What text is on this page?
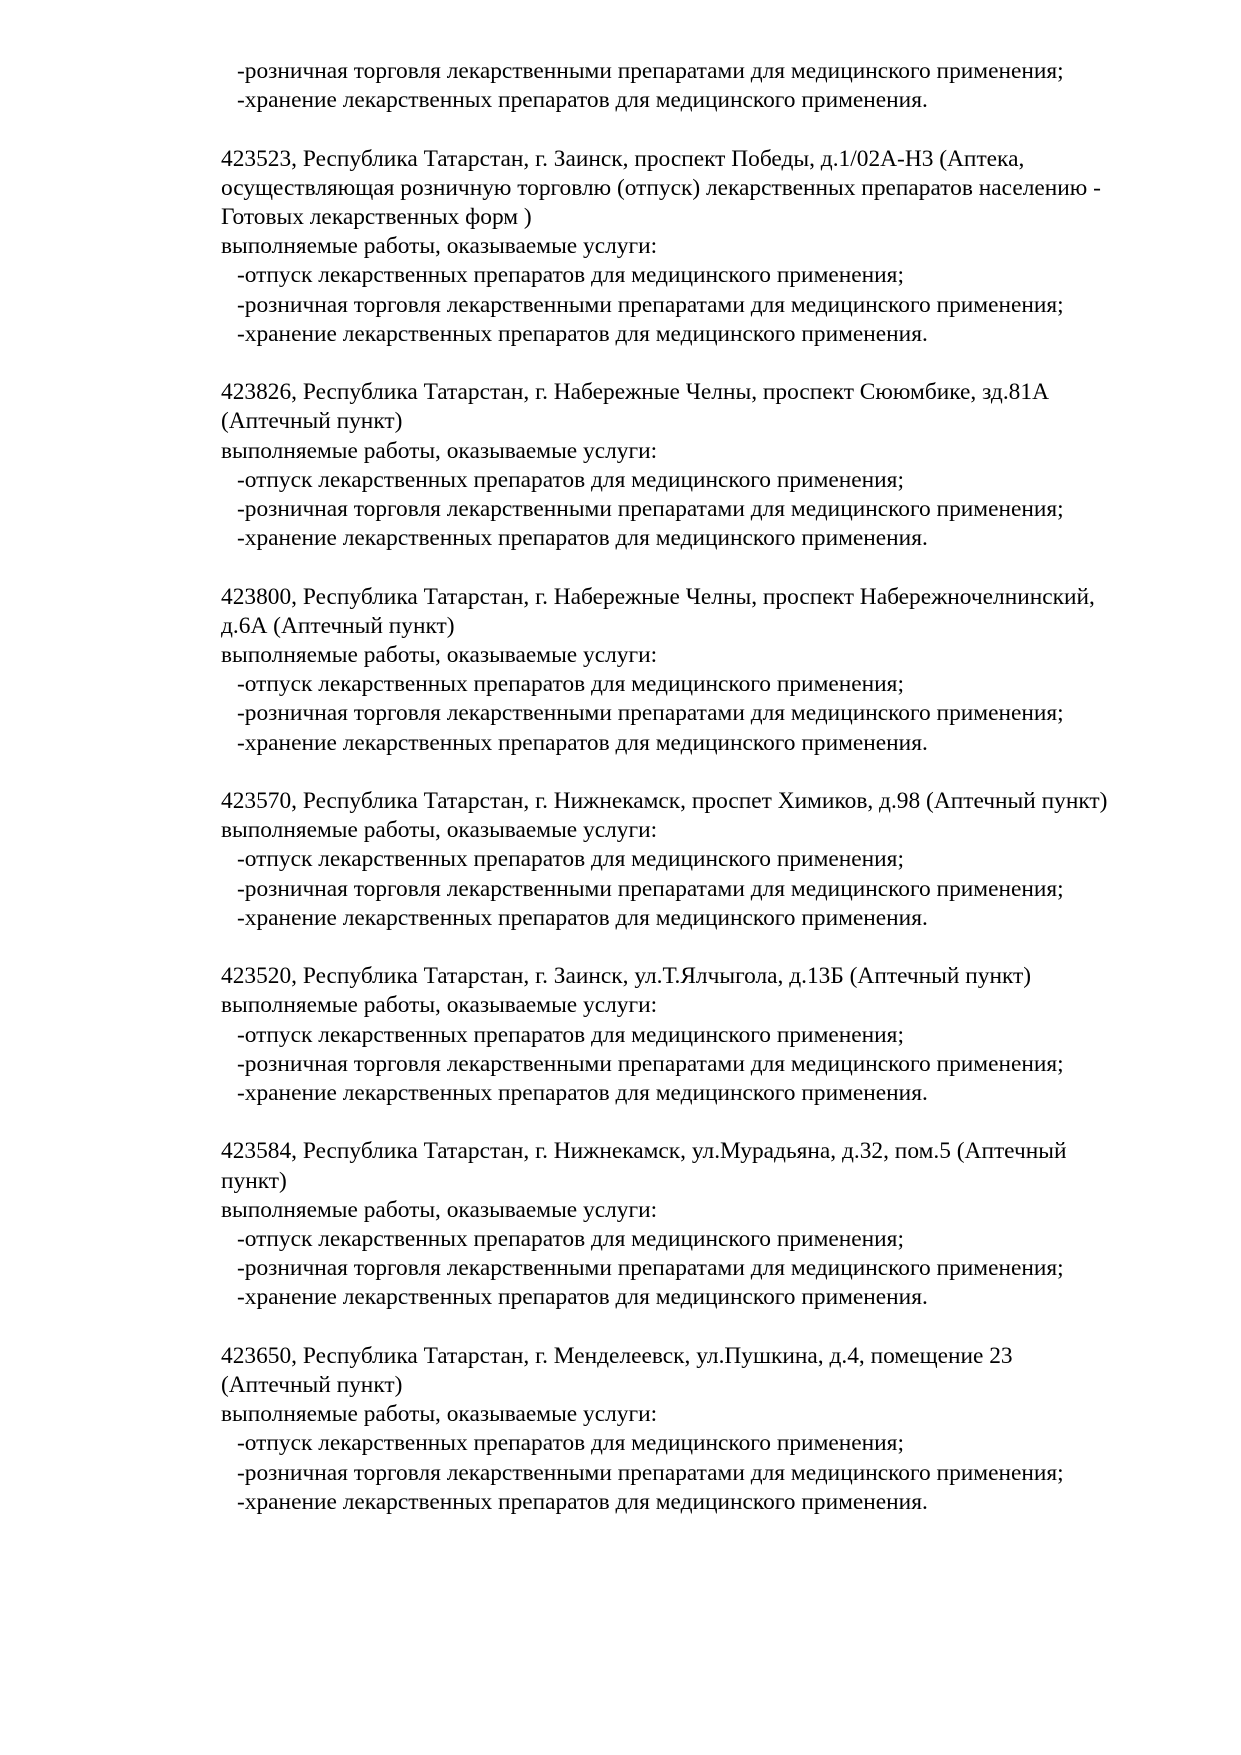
-розничная торговля лекарственными препаратами для медицинского применения;
-хранение лекарственных препаратов для медицинского применения.
423523, Республика Татарстан, г. Заинск, проспект Победы, д.1/02А-Н3 (Аптека,
осуществляющая розничную торговлю (отпуск) лекарственных препаратов населению -
Готовых лекарственных форм )
выполняемые работы, оказываемые услуги:
-отпуск лекарственных препаратов для медицинского применения;
-розничная торговля лекарственными препаратами для медицинского применения;
-хранение лекарственных препаратов для медицинского применения.
423826, Республика Татарстан, г. Набережные Челны, проспект Сююмбике, зд.81А
(Аптечный пункт)
выполняемые работы, оказываемые услуги:
-отпуск лекарственных препаратов для медицинского применения;
-розничная торговля лекарственными препаратами для медицинского применения;
-хранение лекарственных препаратов для медицинского применения.
423800, Республика Татарстан, г. Набережные Челны, проспект Набережночелнинский,
д.6А (Аптечный пункт)
выполняемые работы, оказываемые услуги:
-отпуск лекарственных препаратов для медицинского применения;
-розничная торговля лекарственными препаратами для медицинского применения;
-хранение лекарственных препаратов для медицинского применения.
423570, Республика Татарстан, г. Нижнекамск, проспет Химиков, д.98 (Аптечный пункт)
выполняемые работы, оказываемые услуги:
-отпуск лекарственных препаратов для медицинского применения;
-розничная торговля лекарственными препаратами для медицинского применения;
-хранение лекарственных препаратов для медицинского применения.
423520, Республика Татарстан, г. Заинск, ул.Т.Ялчыгола, д.13Б (Аптечный пункт)
выполняемые работы, оказываемые услуги:
-отпуск лекарственных препаратов для медицинского применения;
-розничная торговля лекарственными препаратами для медицинского применения;
-хранение лекарственных препаратов для медицинского применения.
423584, Республика Татарстан, г. Нижнекамск, ул.Мурадьяна, д.32, пом.5 (Аптечный
пункт)
выполняемые работы, оказываемые услуги:
-отпуск лекарственных препаратов для медицинского применения;
-розничная торговля лекарственными препаратами для медицинского применения;
-хранение лекарственных препаратов для медицинского применения.
423650, Республика Татарстан, г. Менделеевск, ул.Пушкина, д.4, помещение 23
(Аптечный пункт)
выполняемые работы, оказываемые услуги:
-отпуск лекарственных препаратов для медицинского применения;
-розничная торговля лекарственными препаратами для медицинского применения;
-хранение лекарственных препаратов для медицинского применения.
